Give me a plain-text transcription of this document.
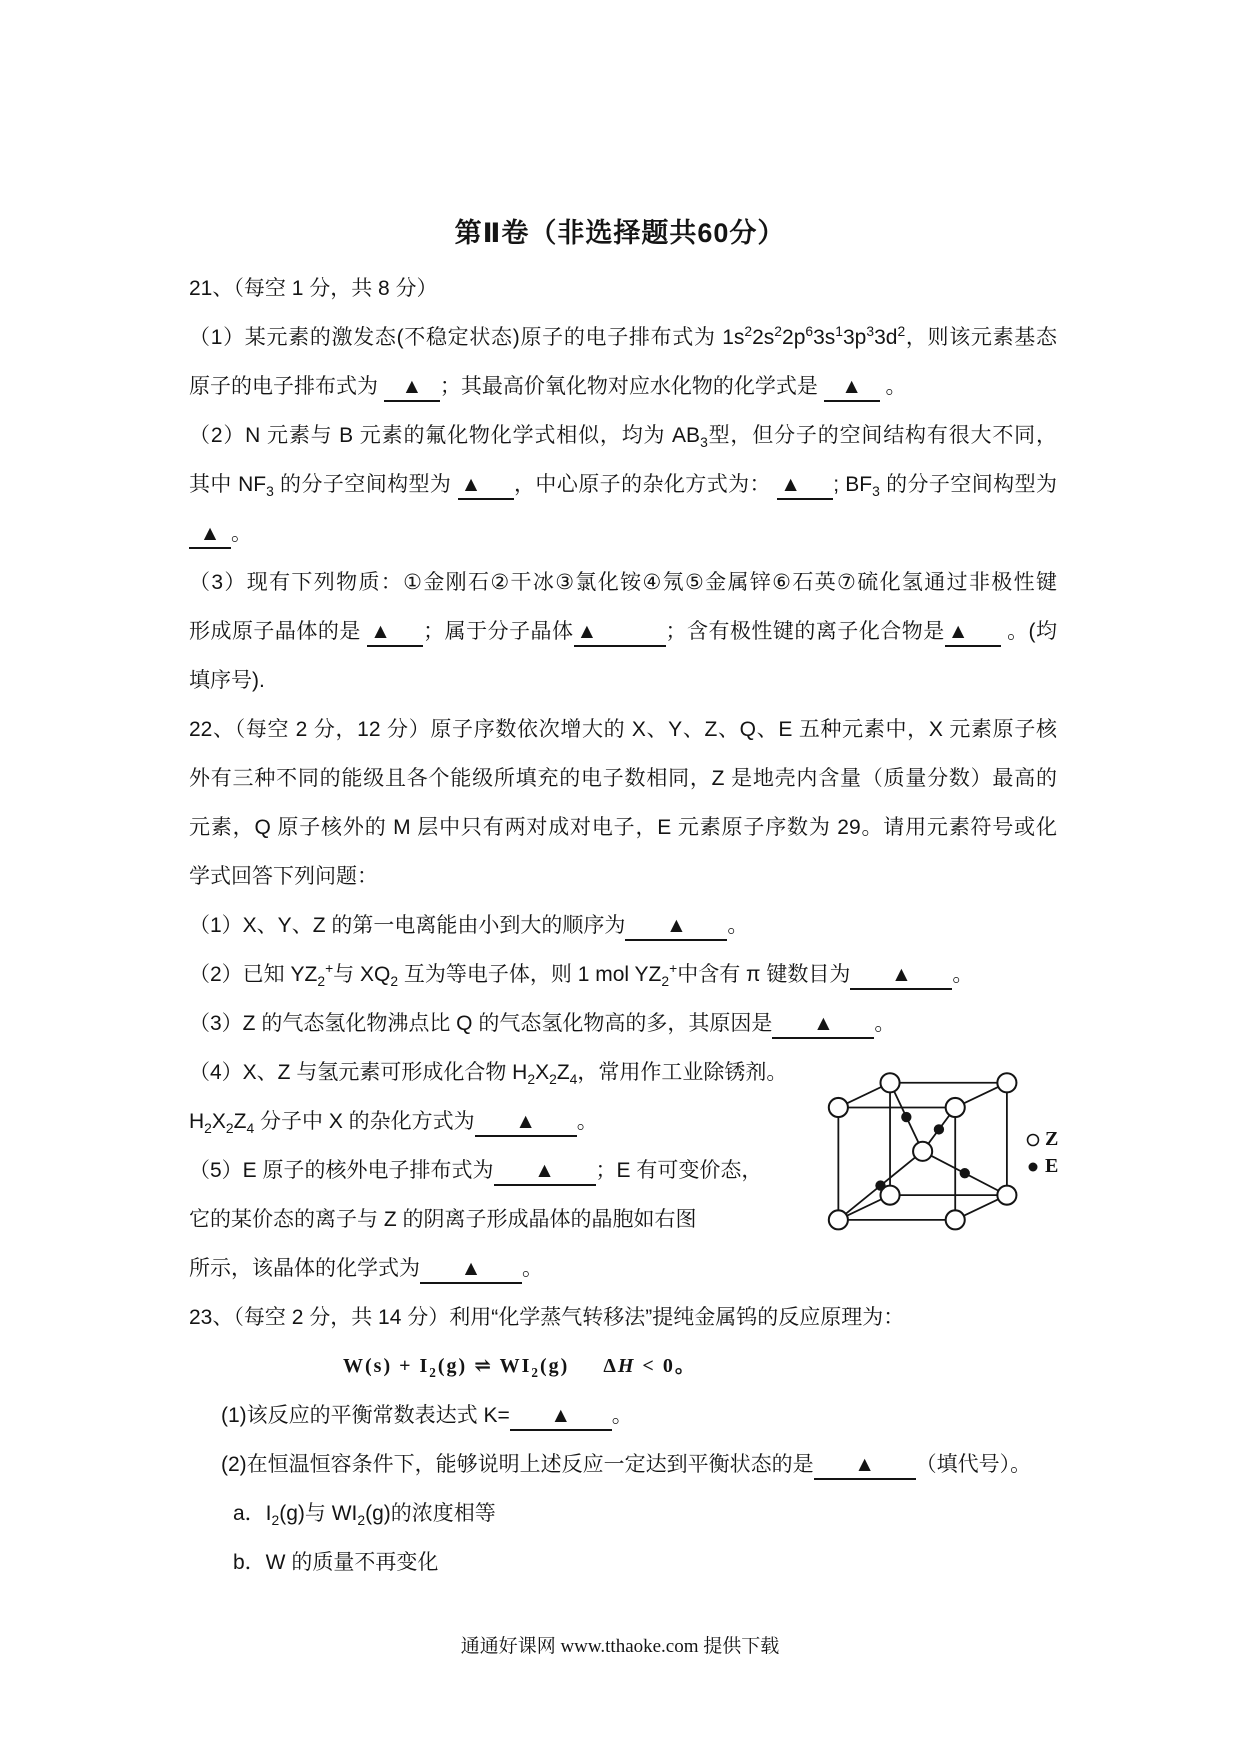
第Ⅱ卷（非选择题共60分）
21、（每空 1 分，共 8 分）
（1）某元素的激发态(不稳定状态)原子的电子排布式为 $1s^22s^22p^63s^13p^33d^2$，则该元素基态
原子的电子排布式为 ▲ ；其最高价氧化物对应水化物的化学式是 ▲ 。
（2）N 元素与 B 元素的氟化物化学式相似，均为 $AB_3$型，但分子的空间结构有很大不同，
其中 $NF_3$ 的分子空间构型为 ▲ ，中心原子的杂化方式为： ▲ ; $BF_3$ 的分子空间构型为
▲ 。
（3）现有下列物质：①金刚石②干冰③氯化铵④氖⑤金属锌⑥石英⑦硫化氢通过非极性键
形成原子晶体的是 ▲ ；属于分子晶体 ▲	；含有极性键的离子化合物是 ▲ 。(均
填序号).
22、（每空 2 分，12 分）原子序数依次增大的 X、Y、Z、Q、E 五种元素中，X 元素原子核
外有三种不同的能级且各个能级所填充的电子数相同，Z 是地壳内含量（质量分数）最高的
元素，Q 原子核外的 M 层中只有两对成对电子，E 元素原子序数为 29。请用元素符号或化
学式回答下列问题：
（1）X、Y、Z 的第一电离能由小到大的顺序为 ▲ 。
（2）已知 $YZ_2^+$与 $XQ_2$ 互为等电子体，则 1 mol $YZ_2^+$中含有 π 键数目为 ▲ 。
（3）Z 的气态氢化物沸点比 Q 的气态氢化物高的多，其原因是 ▲ 。
（4）X、Z 与氢元素可形成化合物 $H_2X_2Z_4$，常用作工业除锈剂。
$H_2X_2Z_4$ 分子中 X 的杂化方式为 ▲ 。
（5）E 原子的核外电子排布式为 ▲ ；E 有可变价态，
它的某价态的离子与 Z 的阴离子形成晶体的晶胞如右图
所示，该晶体的化学式为 ▲ 。
23、（每空 2 分，共 14 分）利用“化学蒸气转移法”提纯金属钨的反应原理为：
$W(s) + I_2(g)$ ⇌ $WI_2(g) \Delta H < 0$。
(1)该反应的平衡常数表达式 K= ▲ 。
(2)在恒温恒容条件下，能够说明上述反应一定达到平衡状态的是 ▲ （填代号）。
a．$I_2(g)$与 $WI_2(g)$的浓度相等
b．W 的质量不再变化
Z
E
通通好课网 www.tthaoke.com 提供下载
